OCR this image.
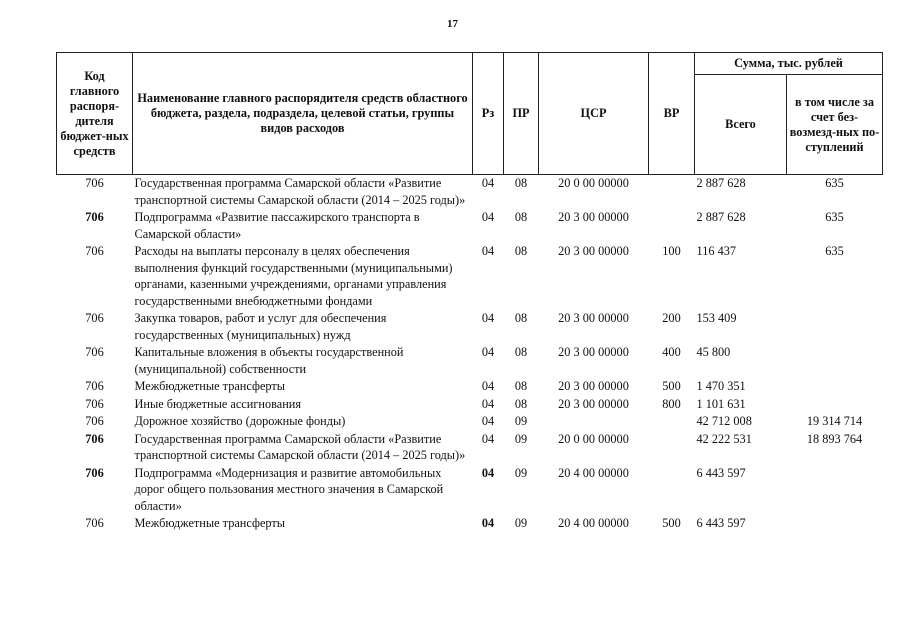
17
Код главного распоря-дителя бюджет-ных средств	Наименование главного распорядителя средств областного бюджета, раздела, подраздела, целевой статьи, группы видов расходов	Рз	ПР	ЦСР	ВР	Сумма, тыс. рублей	
						Всего	в том числе за счет без-возмезд-ных по-ступлений
706	Государственная программа Самарской области «Развитие транспортной системы Самарской области (2014 – 2025 годы)»	04	08	20 0 00 00000		2 887 628	635
706	Подпрограмма «Развитие пассажирского транспорта в Самарской области»	04	08	20 3 00 00000		2 887 628	635
706	Расходы на выплаты персоналу в целях обеспечения выполнения функций государственными (муниципальными) органами, казенными учреждениями, органами управления государственными внебюджетными фондами	04	08	20 3 00 00000	100	116 437	635
706	Закупка товаров, работ и услуг для обеспечения государственных (муниципальных) нужд	04	08	20 3 00 00000	200	153 409	
706	Капитальные вложения в объекты государственной (муниципальной) собственности	04	08	20 3 00 00000	400	45 800	
706	Межбюджетные трансферты	04	08	20 3 00 00000	500	1 470 351	
706	Иные бюджетные ассигнования	04	08	20 3 00 00000	800	1 101 631	
706	Дорожное хозяйство (дорожные фонды)	04	09			42 712 008	19 314 714
706	Государственная программа Самарской области «Развитие транспортной системы Самарской области (2014 – 2025 годы)»	04	09	20 0 00 00000		42 222 531	18 893 764
706	Подпрограмма «Модернизация и развитие автомобильных дорог общего пользования местного значения в Самарской области»	04	09	20 4 00 00000		6 443 597	
706	Межбюджетные трансферты	04	09	20 4 00 00000	500	6 443 597	
